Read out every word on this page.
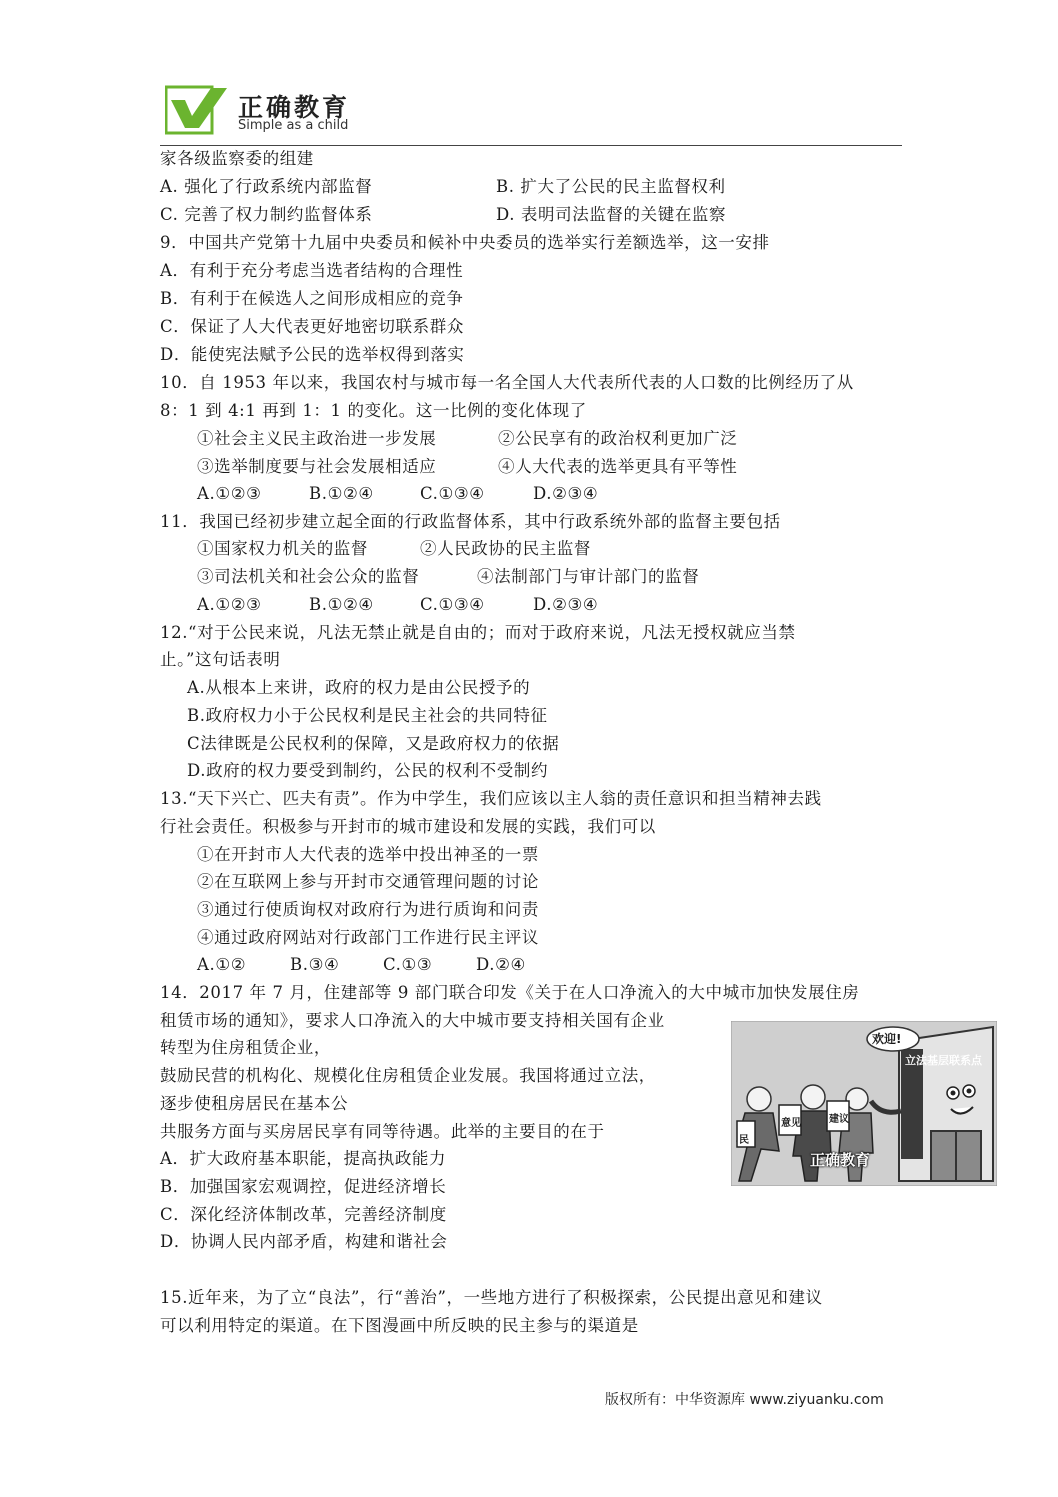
正确教育
Simple as a child
家各级监察委的组建
A. 强化了行政系统内部监督	B. 扩大了公民的民主监督权利
C. 完善了权力制约监督体系	D. 表明司法监督的关键在监察
9．中国共产党第十九届中央委员和候补中央委员的选举实行差额选举，这一安排
A．有利于充分考虑当选者结构的合理性
B．有利于在候选人之间形成相应的竞争
C．保证了人大代表更好地密切联系群众
D．能使宪法赋予公民的选举权得到落实
10．自 1953 年以来，我国农村与城市每一名全国人大代表所代表的人口数的比例经历了从
8：1 到 4:1 再到 1：1 的变化。这一比例的变化体现了
①社会主义民主政治进一步发展	②公民享有的政治权利更加广泛
③选举制度要与社会发展相适应	④人大代表的选举更具有平等性
A.①②③	B.①②④	C.①③④	D.②③④
11．我国已经初步建立起全面的行政监督体系，其中行政系统外部的监督主要包括
①国家权力机关的监督	②人民政协的民主监督
③司法机关和社会公众的监督	④法制部门与审计部门的监督
A.①②③	B.①②④	C.①③④	D.②③④
12.“对于公民来说，凡法无禁止就是自由的；而对于政府来说，凡法无授权就应当禁
止。”这句话表明
A.从根本上来讲，政府的权力是由公民授予的
B.政府权力小于公民权利是民主社会的共同特征
C法律既是公民权利的保障，又是政府权力的依据
D.政府的权力要受到制约，公民的权利不受制约
13.“天下兴亡、匹夫有责”。作为中学生，我们应该以主人翁的责任意识和担当精神去践
行社会责任。积极参与开封市的城市建设和发展的实践，我们可以
①在开封市人大代表的选举中投出神圣的一票
②在互联网上参与开封市交通管理问题的讨论
③通过行使质询权对政府行为进行质询和问责
④通过政府网站对行政部门工作进行民主评议
A.①②	B.③④	C.①③	D.②④
14．2017 年 7 月，住建部等 9 部门联合印发《关于在人口净流入的大中城市加快发展住房
租赁市场的通知》，要求人口净流入的大中城市要支持相关国有企业
转型为住房租赁企业，
鼓励民营的机构化、规模化住房租赁企业发展。我国将通过立法，
逐步使租房居民在基本公
共服务方面与买房居民享有同等待遇。此举的主要目的在于
A．扩大政府基本职能，提高执政能力
B．加强国家宏观调控，促进经济增长
C．深化经济体制改革，完善经济制度
D．协调人民内部矛盾，构建和谐社会
15.近年来，为了立“良法”，行“善治”，一些地方进行了积极探索，公民提出意见和建议
可以利用特定的渠道。在下图漫画中所反映的民主参与的渠道是
欢迎!
民
意见	建议
立法基层联系点
正确教育
版权所有：中华资源库 www.ziyuanku.com
